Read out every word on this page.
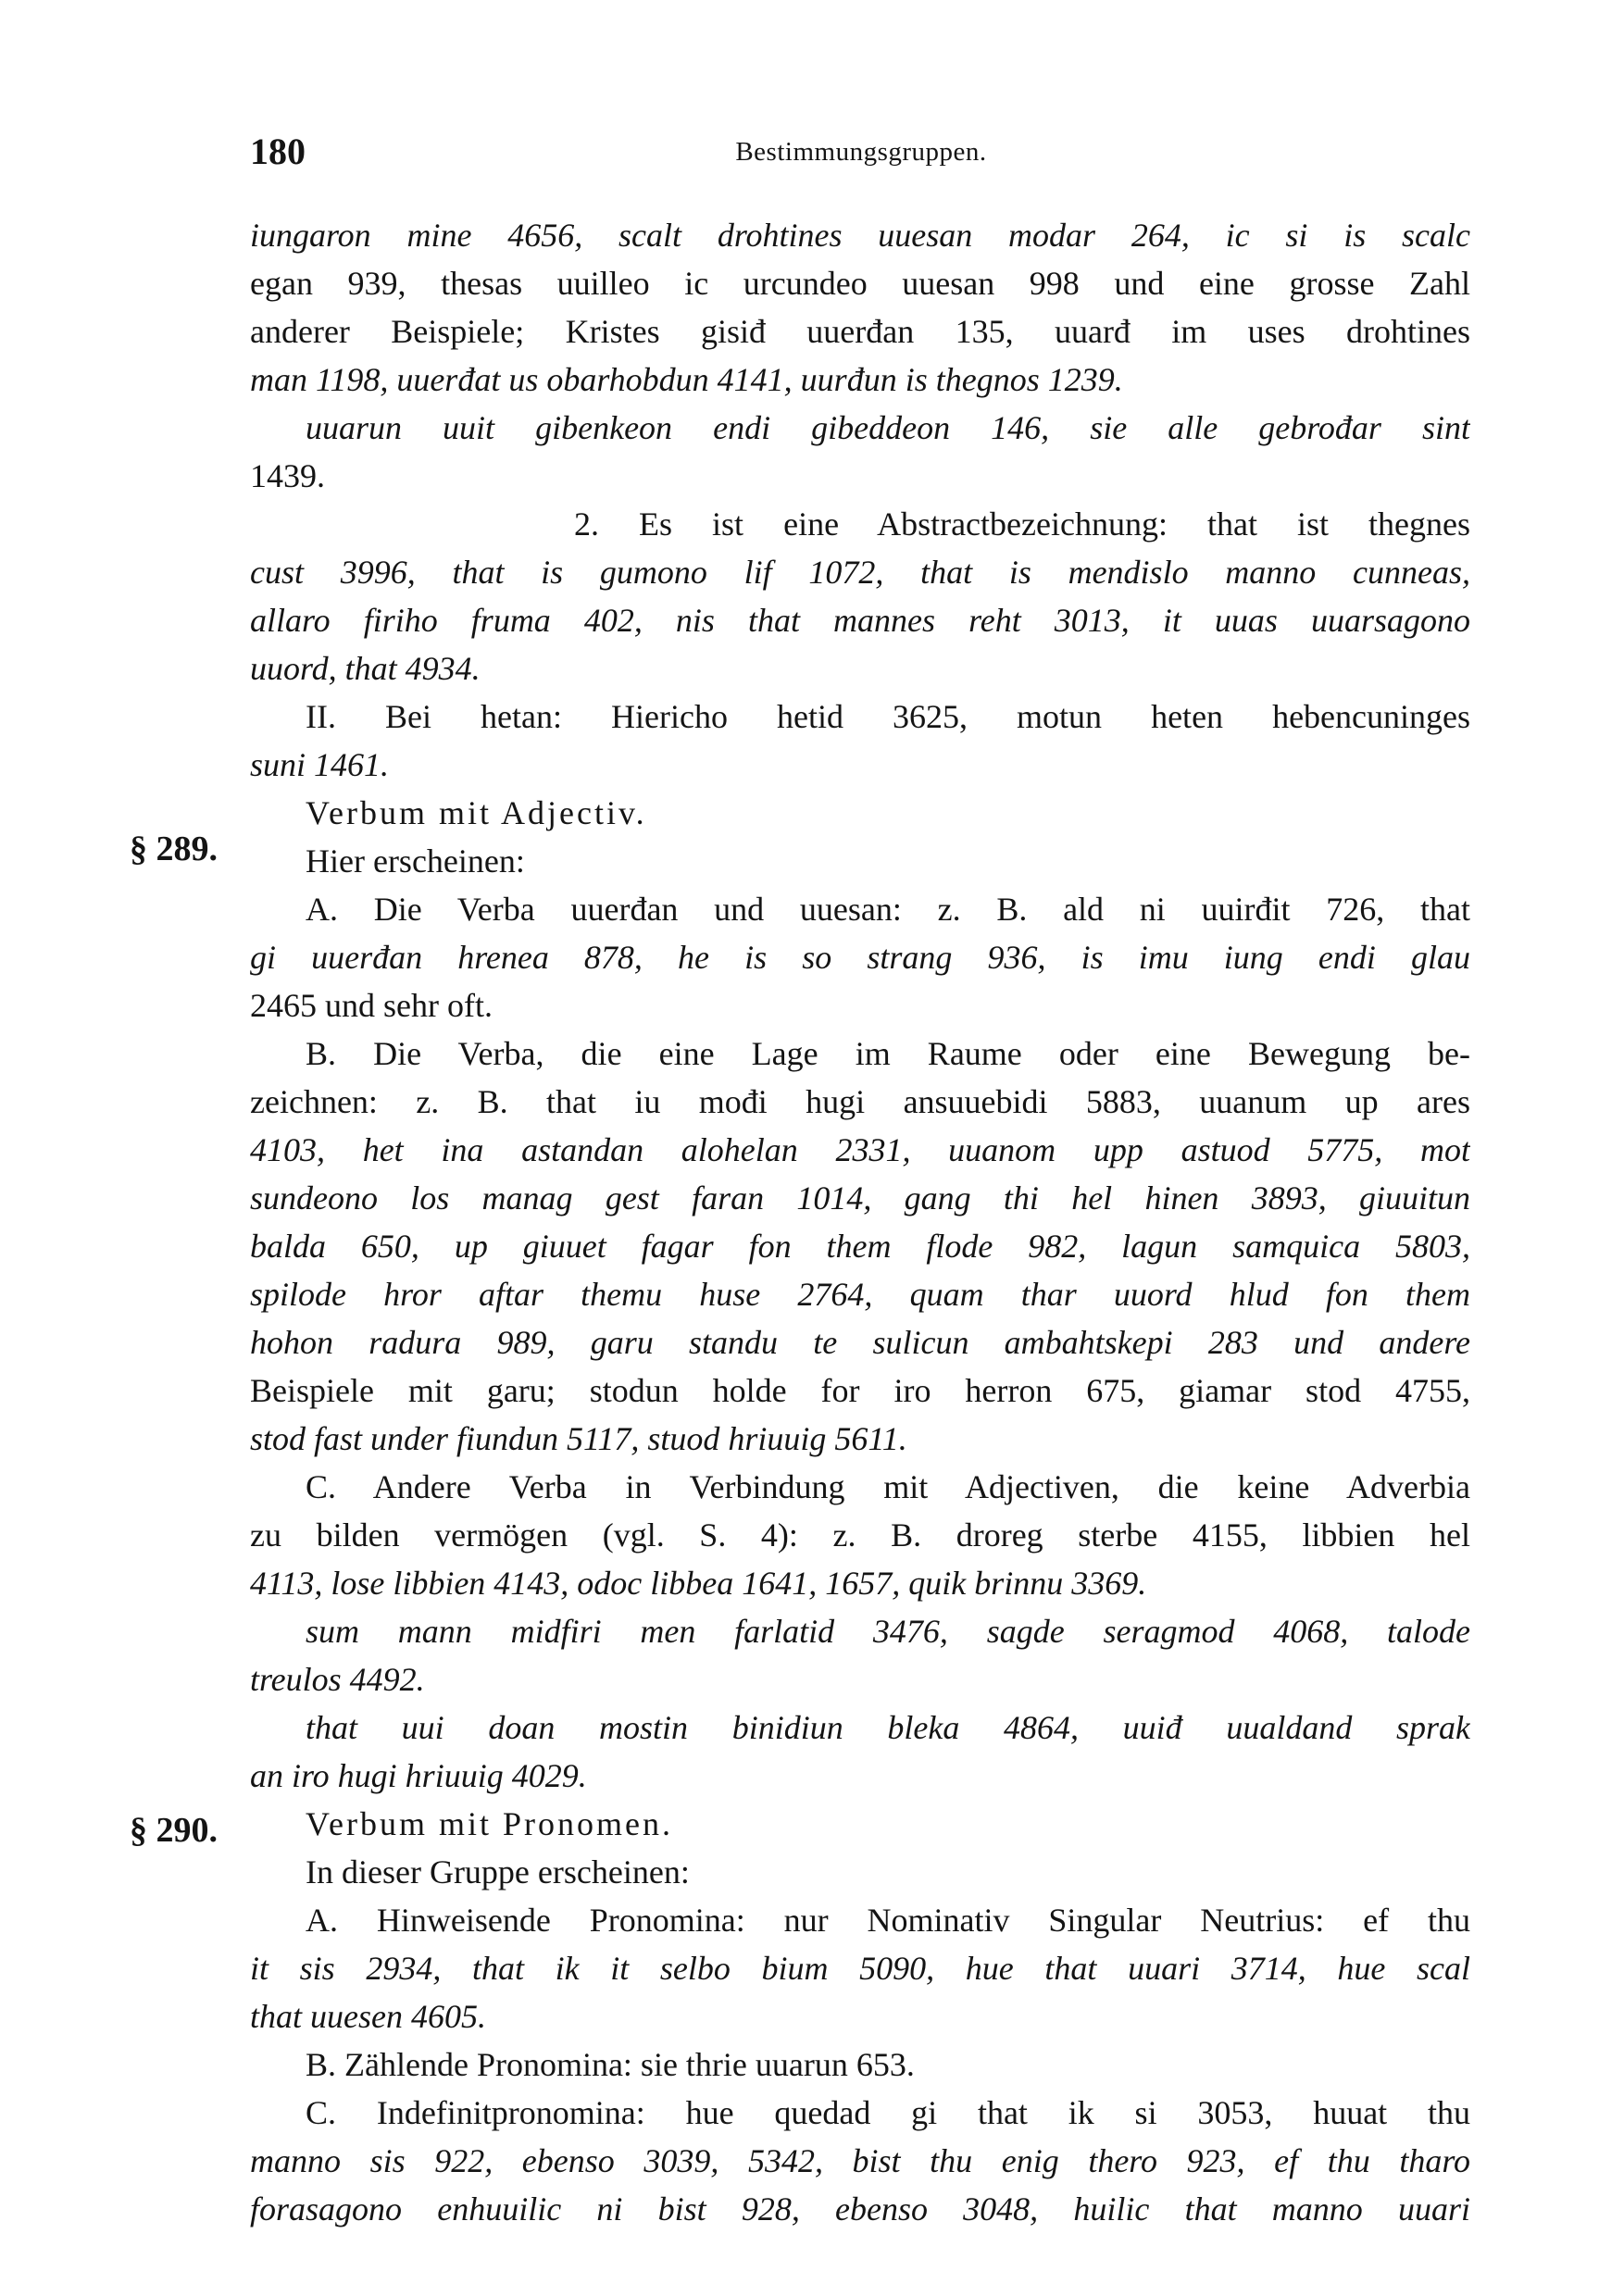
180	Bestimmungsgruppen.
§ 289.
§ 290.
iungaron mine 4656, scalt drohtines uuesan modar 264, ic si is scalc
egan 939, thesas uuilleo ic urcundeo uuesan 998 und eine grosse Zahl
anderer Beispiele; Kristes gisiđ uuerđan 135, uuarđ im uses drohtines
man 1198, uuerđat us obarhobdun 4141, uurđun is thegnos 1239.
uuarun uuit gibenkeon endi gibeddeon 146, sie alle gebrođar sint
1439.
2. Es ist eine Abstractbezeichnung: that ist thegnes
cust 3996, that is gumono lif 1072, that is mendislo manno cunneas,
allaro firiho fruma 402, nis that mannes reht 3013, it uuas uuarsagono
uuord, that 4934.
II. Bei hetan: Hiericho hetid 3625, motun heten hebencuninges
suni 1461.
Verbum mit Adjectiv.
Hier erscheinen:
A. Die Verba uuerđan und uuesan: z. B. ald ni uuirđit 726, that
gi uuerđan hrenea 878, he is so strang 936, is imu iung endi glau
2465 und sehr oft.
B. Die Verba, die eine Lage im Raume oder eine Bewegung be-
zeichnen: z. B. that iu mođi hugi ansuuebidi 5883, uuanum up ares
4103, het ina astandan alohelan 2331, uuanom upp astuod 5775, mot
sundeono los manag gest faran 1014, gang thi hel hinen 3893, giuuitun
balda 650, up giuuet fagar fon them flode 982, lagun samquica 5803,
spilode hror aftar themu huse 2764, quam thar uuord hlud fon them
hohon radura 989, garu standu te sulicun ambahtskepi 283 und andere
Beispiele mit garu; stodun holde for iro herron 675, giamar stod 4755,
stod fast under fiundun 5117, stuod hriuuig 5611.
C. Andere Verba in Verbindung mit Adjectiven, die keine Adverbia
zu bilden vermögen (vgl. S. 4): z. B. droreg sterbe 4155, libbien hel
4113, lose libbien 4143, odoc libbea 1641, 1657, quik brinnu 3369.
sum mann midfiri men farlatid 3476, sagde seragmod 4068, talode
treulos 4492.
that uui doan mostin binidiun bleka 4864, uuiđ uualdand sprak
an iro hugi hriuuig 4029.
Verbum mit Pronomen.
In dieser Gruppe erscheinen:
A. Hinweisende Pronomina: nur Nominativ Singular Neutrius: ef thu
it sis 2934, that ik it selbo bium 5090, hue that uuari 3714, hue scal
that uuesen 4605.
B. Zählende Pronomina: sie thrie uuarun 653.
C. Indefinitpronomina: hue quedad gi that ik si 3053, huuat thu
manno sis 922, ebenso 3039, 5342, bist thu enig thero 923, ef thu tharo
forasagono enhuuilic ni bist 928, ebenso 3048, huilic that manno uuari
